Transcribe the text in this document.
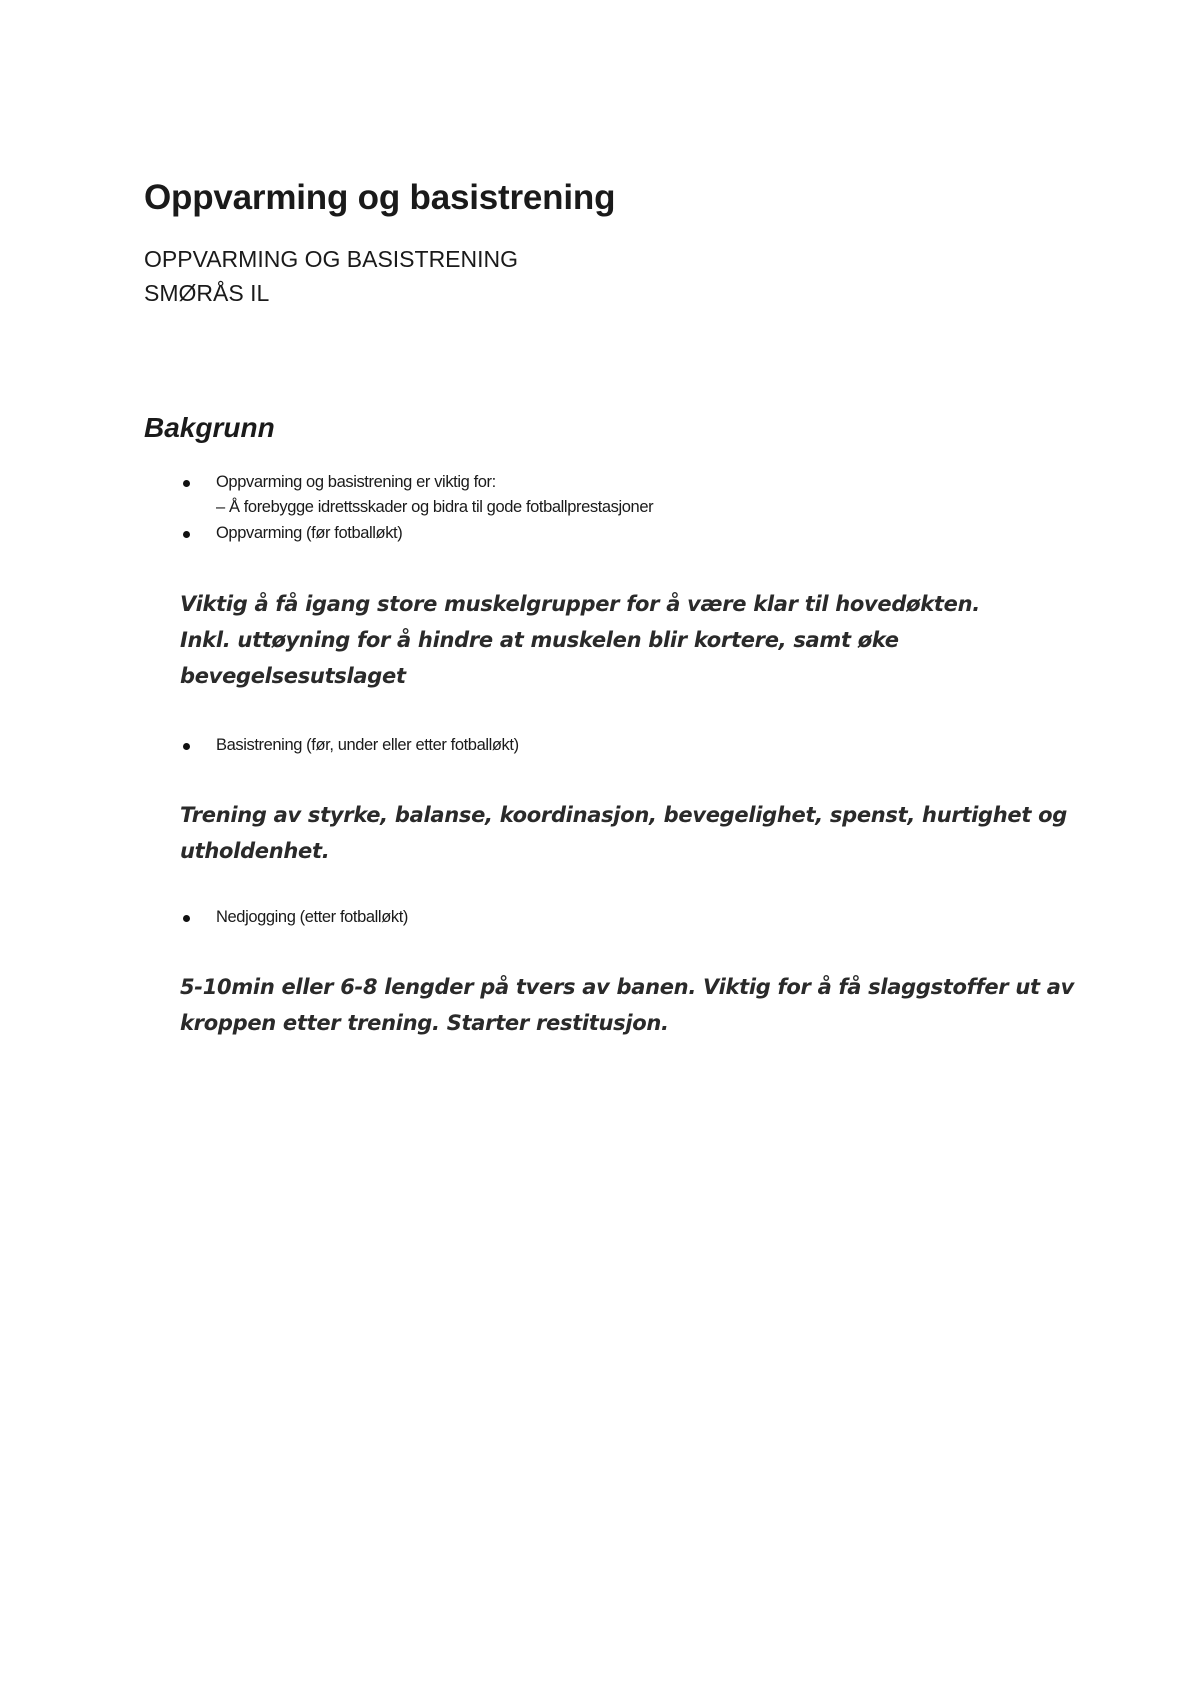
Oppvarming og basistrening
OPPVARMING OG BASISTRENING
SMØRÅS IL
Bakgrunn
Oppvarming og basistrening er viktig for:
– Å forebygge idrettsskader og bidra til gode fotballprestasjoner
Oppvarming (før fotballøkt)
Viktig å få igang store muskelgrupper for å være klar til hovedøkten.
Inkl. uttøyning for å hindre at muskelen blir kortere, samt øke
bevegelsesutslaget
Basistrening (før, under eller etter fotballøkt)
Trening av styrke, balanse, koordinasjon, bevegelighet, spenst, hurtighet og
utholdenhet.
Nedjogging (etter fotballøkt)
5-10min eller 6-8 lengder på tvers av banen. Viktig for å få slaggstoffer ut av
kroppen etter trening. Starter restitusjon.
